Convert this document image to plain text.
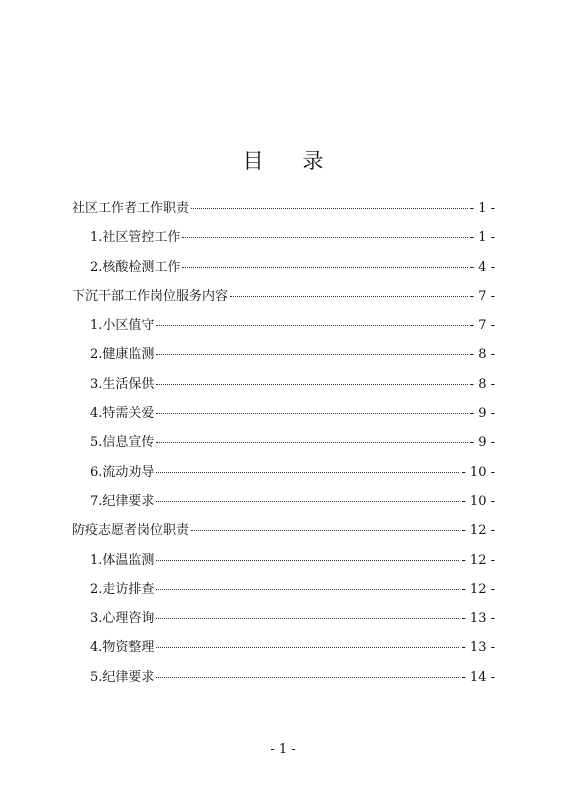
目 录
社区工作者工作职责	- 1 -
1.社区管控工作	- 1 -
2.核酸检测工作	- 4 -
下沉干部工作岗位服务内容	- 7 -
1.小区值守	- 7 -
2.健康监测	- 8 -
3.生活保供	- 8 -
4.特需关爱	- 9 -
5.信息宣传	- 9 -
6.流动劝导	- 10 -
7.纪律要求	- 10 -
防疫志愿者岗位职责	- 12 -
1.体温监测	- 12 -
2.走访排查	- 12 -
3.心理咨询	- 13 -
4.物资整理	- 13 -
5.纪律要求	- 14 -
- 1 -
